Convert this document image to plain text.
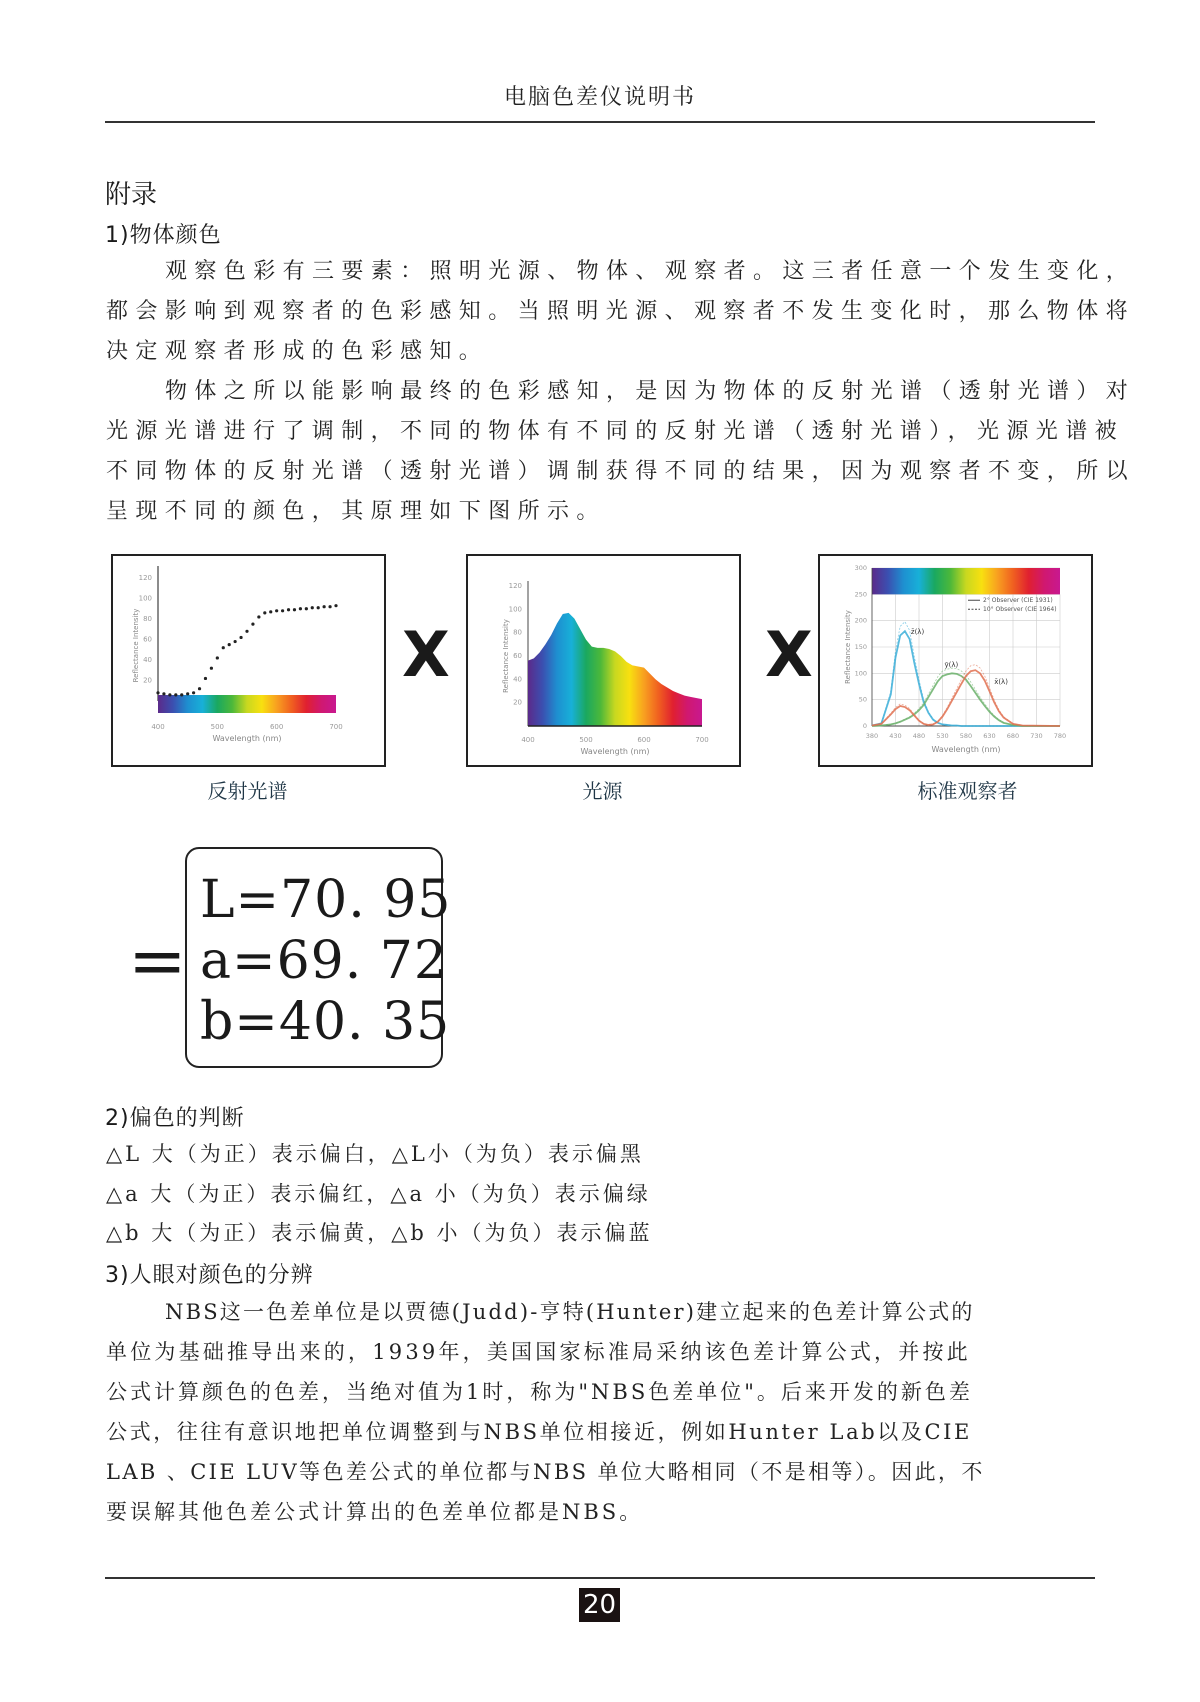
电脑色差仪说明书
附录
1)物体颜色
观察色彩有三要素：照明光源、物体、观察者。这三者任意一个发生变化，
都会影响到观察者的色彩感知。当照明光源、观察者不发生变化时，那么物体将
决定观察者形成的色彩感知。
物体之所以能影响最终的色彩感知，是因为物体的反射光谱（透射光谱）对
光源光谱进行了调制，不同的物体有不同的反射光谱（透射光谱），光源光谱被
不同物体的反射光谱（透射光谱）调制获得不同的结果，因为观察者不变，所以
呈现不同的颜色，其原理如下图所示。
400	500	600	700
20
40
60
80
100
120
Wavelength (nm)
Reflectance Intensity	X
400	500	600	700
20
40
60
80
100
120
Wavelength (nm)
Reflectance Intensity	X	z̄(λ)
ȳ(λ)
x̄(λ)
2° Observer (CIE 1931)
10° Observer (CIE 1964)
0
50
100
150
200
250
300
380 430 480 530 580 630 680 730 780
Wavelength (nm)
Reflectance Intensity
反射光谱	光源	标准观察者
=
L=70. 95
a=69. 72
b=40. 35
2)偏色的判断
△L 大（为正）表示偏白，△L小（为负）表示偏黑
△a 大（为正）表示偏红，△a 小（为负）表示偏绿
△b 大（为正）表示偏黄，△b 小（为负）表示偏蓝
3)人眼对颜色的分辨
NBS这一色差单位是以贾德(Judd)-亨特(Hunter)建立起来的色差计算公式的
单位为基础推导出来的，1939年，美国国家标准局采纳该色差计算公式，并按此
公式计算颜色的色差，当绝对值为1时，称为"NBS色差单位"。后来开发的新色差
公式，往往有意识地把单位调整到与NBS单位相接近，例如Hunter Lab以及CIE
LAB 、CIE LUV等色差公式的单位都与NBS 单位大略相同（不是相等）。因此，不
要误解其他色差公式计算出的色差单位都是NBS。
20
